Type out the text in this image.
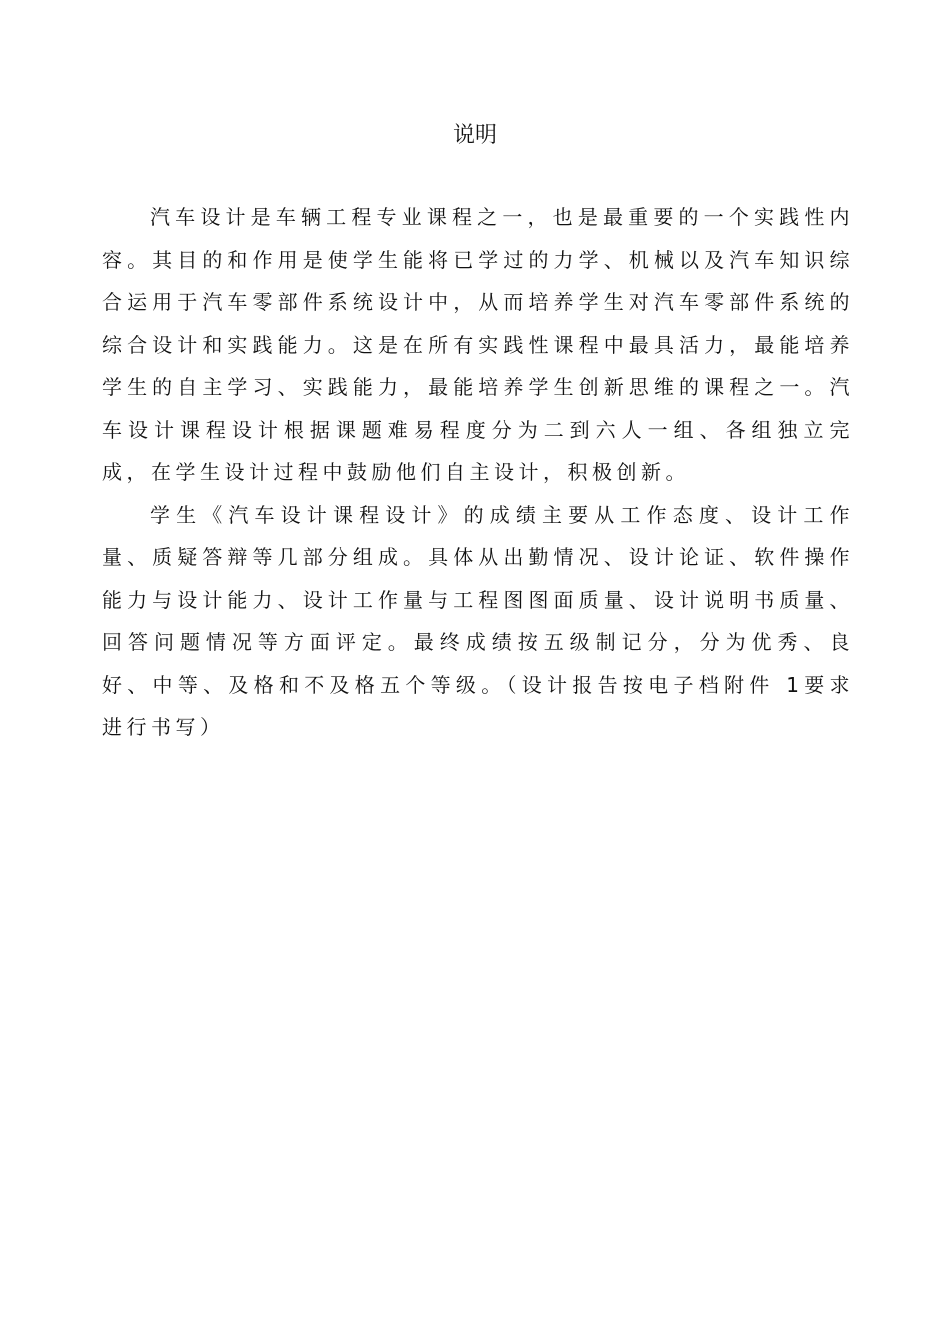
说明

汽车设计是车辆工程专业课程之一，也是最重要的一个实践性内容。其目的和作用是使学生能将已学过的力学、机械以及汽车知识综合运用于汽车零部件系统设计中，从而培养学生对汽车零部件系统的综合设计和实践能力。这是在所有实践性课程中最具活力，最能培养学生的自主学习、实践能力，最能培养学生创新思维的课程之一。汽车设计课程设计根据课题难易程度分为二到六人一组、各组独立完成，在学生设计过程中鼓励他们自主设计，积极创新。

学生《汽车设计课程设计》的成绩主要从工作态度、设计工作量、质疑答辩等几部分组成。具体从出勤情况、设计论证、软件操作能力与设计能力、设计工作量与工程图图面质量、设计说明书质量、回答问题情况等方面评定。最终成绩按五级制记分，分为优秀、良好、中等、及格和不及格五个等级。（设计报告按电子档附件 1要求进行书写）
